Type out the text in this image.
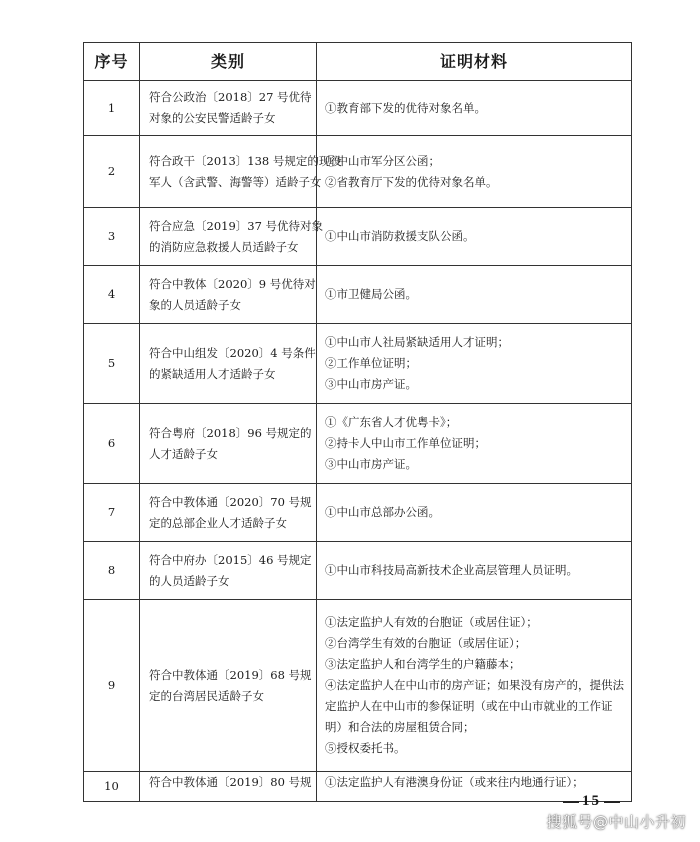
序号	类别	证明材料
1	符合公政治〔2018〕27 号优待
对象的公安民警适龄子女	①教育部下发的优待对象名单。

2	符合政干〔2013〕138 号规定的现役
军人（含武警、海警等）适龄子女	①中山市军分区公函；
②省教育厅下发的优待对象名单。

3	符合应急〔2019〕37 号优待对象
的消防应急救援人员适龄子女	①中山市消防救援支队公函。

4	符合中教体〔2020〕9 号优待对
象的人员适龄子女	①市卫健局公函。

5	符合中山组发〔2020〕4 号条件
的紧缺适用人才适龄子女	①中山市人社局紧缺适用人才证明；
②工作单位证明；
③中山市房产证。

6	符合粤府〔2018〕96 号规定的
人才适龄子女	①《广东省人才优粤卡》；
②持卡人中山市工作单位证明；
③中山市房产证。

7	符合中教体通〔2020〕70 号规
定的总部企业人才适龄子女	①中山市总部办公函。

8	符合中府办〔2015〕46 号规定
的人员适龄子女	①中山市科技局高新技术企业高层管理人员证明。

9	符合中教体通〔2019〕68 号规
定的台湾居民适龄子女	①法定监护人有效的台胞证（或居住证）；
②台湾学生有效的台胞证（或居住证）；
③法定监护人和台湾学生的户籍藤本；
④法定监护人在中山市的房产证；如果没有房产的，提供法定监护人在中山市的参保证明（或在中山市就业的工作证明）和合法的房屋租赁合同；
⑤授权委托书。

10	符合中教体通〔2019〕80 号规	①法定监护人有港澳身份证（或来往内地通行证）；
15
搜狐号@中山小升初
